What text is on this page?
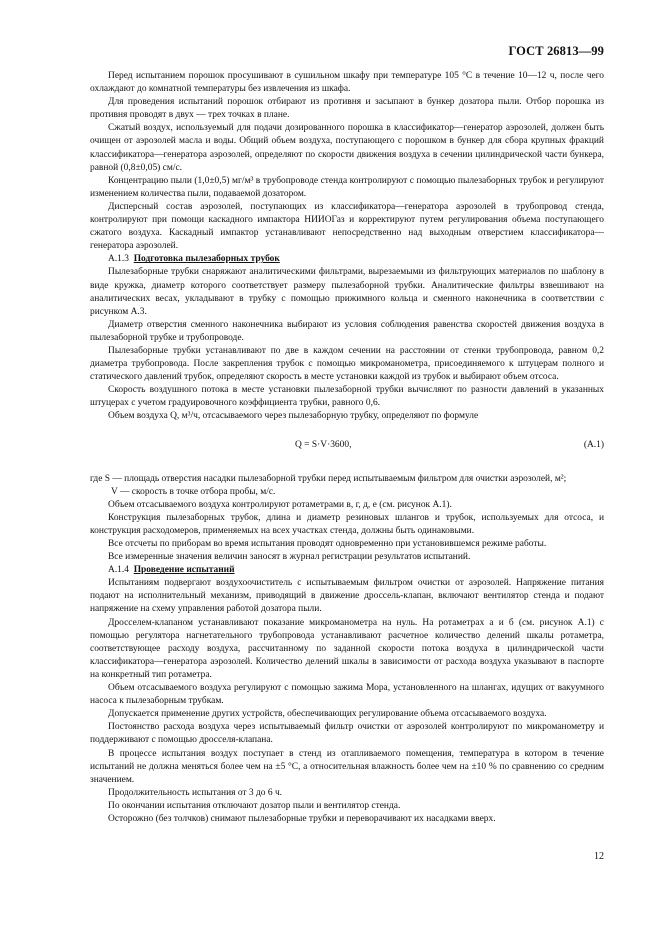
ГОСТ 26813—99

Перед испытанием порошок просушивают в сушильном шкафу при температуре 105 °С в течение 10—12 ч, после чего охлаждают до комнатной температуры без извлечения из шкафа.

Для проведения испытаний порошок отбирают из противня и засыпают в бункер дозатора пыли. Отбор порошка из противня проводят в двух — трех точках в плане.

Сжатый воздух, используемый для подачи дозированного порошка в классификатор—генератор аэрозолей, должен быть очищен от аэрозолей масла и воды. Общий объем воздуха, поступающего с порошком в бункер для сбора крупных фракций классификатора—генератора аэрозолей, определяют по скорости движения воздуха в сечении цилиндрической части бункера, равной (0,8±0,05) см/с.

Концентрацию пыли (1,0±0,5) мг/м³ в трубопроводе стенда контролируют с помощью пылезаборных трубок и регулируют изменением количества пыли, подаваемой дозатором.

Дисперсный состав аэрозолей, поступающих из классификатора—генератора аэрозолей в трубопровод стенда, контролируют при помощи каскадного импактора НИИОГаз и корректируют путем регулирования объема поступающего сжатого воздуха. Каскадный импактор устанавливают непосредственно над выходным отверстием классификатора—генератора аэрозолей.

А.1.3 Подготовка пылезаборных трубок

Пылезаборные трубки снаряжают аналитическими фильтрами, вырезаемыми из фильтрующих материалов по шаблону в виде кружка, диаметр которого соответствует размеру пылезаборной трубки. Аналитические фильтры взвешивают на аналитических весах, укладывают в трубку с помощью прижимного кольца и сменного наконечника в соответствии с рисунком А.3.

Диаметр отверстия сменного наконечника выбирают из условия соблюдения равенства скоростей движения воздуха в пылезаборной трубке и трубопроводе.

Пылезаборные трубки устанавливают по две в каждом сечении на расстоянии от стенки трубопровода, равном 0,2 диаметра трубопровода. После закрепления трубок с помощью микроманометра, присоединяемого к штуцерам полного и статического давлений трубок, определяют скорость в месте установки каждой из трубок и выбирают объем отсоса.

Скорость воздушного потока в месте установки пылезаборной трубки вычисляют по разности давлений в указанных штуцерах с учетом градуировочного коэффициента трубки, равного 0,6.

Объем воздуха Q, м³/ч, отсасываемого через пылезаборную трубку, определяют по формуле

Q = S·V·3600,	(А.1)

где S — площадь отверстия насадки пылезаборной трубки перед испытываемым фильтром для очистки аэрозолей, м²;

V — скорость в точке отбора пробы, м/с.

Объем отсасываемого воздуха контролируют ротаметрами в, г, д, е (см. рисунок А.1).

Конструкция пылезаборных трубок, длина и диаметр резиновых шлангов и трубок, используемых для отсоса, и конструкция расходомеров, применяемых на всех участках стенда, должны быть одинаковыми.

Все отсчеты по приборам во время испытания проводят одновременно при установившемся режиме работы.

Все измеренные значения величин заносят в журнал регистрации результатов испытаний.

А.1.4 Проведение испытаний

Испытаниям подвергают воздухоочиститель с испытываемым фильтром очистки от аэрозолей. Напряжение питания подают на исполнительный механизм, приводящий в движение дроссель-клапан, включают вентилятор стенда и подают напряжение на схему управления работой дозатора пыли.

Дросселем-клапаном устанавливают показание микроманометра на нуль. На ротаметрах а и б (см. рисунок А.1) с помощью регулятора нагнетательного трубопровода устанавливают расчетное количество делений шкалы ротаметра, соответствующее расходу воздуха, рассчитанному по заданной скорости потока воздуха в цилиндрической части классификатора—генератора аэрозолей. Количество делений шкалы в зависимости от расхода воздуха указывают в паспорте на конкретный тип ротаметра.

Объем отсасываемого воздуха регулируют с помощью зажима Мора, установленного на шлангах, идущих от вакуумного насоса к пылезаборным трубкам.

Допускается применение других устройств, обеспечивающих регулирование объема отсасываемого воздуха.

Постоянство расхода воздуха через испытываемый фильтр очистки от аэрозолей контролируют по микроманометру и поддерживают с помощью дросселя-клапана.

В процессе испытания воздух поступает в стенд из отапливаемого помещения, температура в котором в течение испытаний не должна меняться более чем на ±5 °С, а относительная влажность более чем на ±10 % по сравнению со средним значением.

Продолжительность испытания от 3 до 6 ч.

По окончании испытания отключают дозатор пыли и вентилятор стенда.

Осторожно (без толчков) снимают пылезаборные трубки и переворачивают их насадками вверх.

12
